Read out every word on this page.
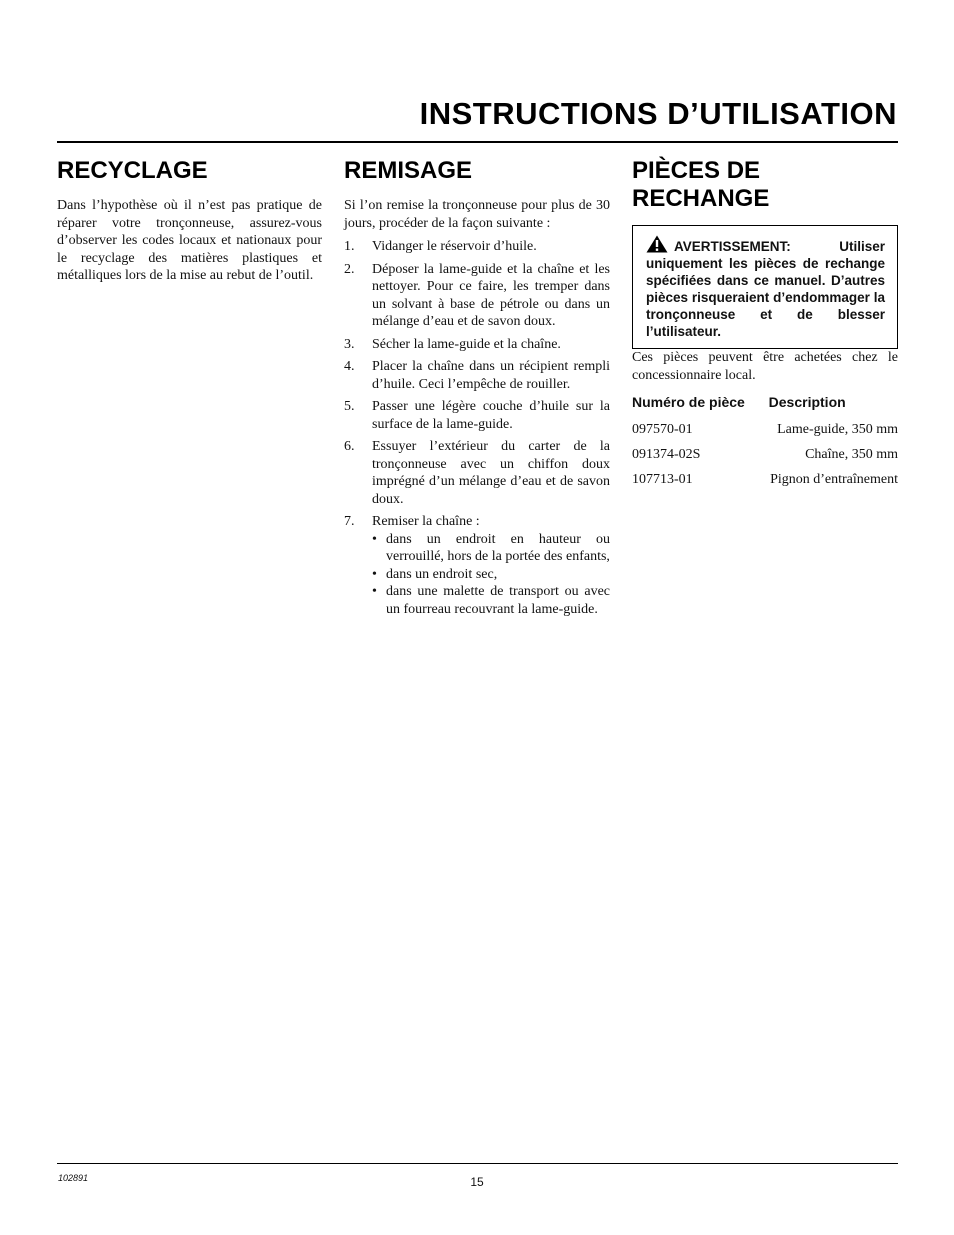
INSTRUCTIONS D’UTILISATION
RECYCLAGE

Dans l’hypothèse où il n’est pas pratique de réparer votre tronçonneuse, assurez-vous d’observer les codes locaux et nationaux pour le recyclage des matières plastiques et métalliques lors de la mise au rebut de l’outil.

REMISAGE

Si l’on remise la tronçonneuse pour plus de 30 jours, procéder de la façon suivante :

1.	Vidanger le réservoir d’huile.
2.	Déposer la lame-guide et la chaîne et les nettoyer. Pour ce faire, les tremper dans un solvant à base de pétrole ou dans un mélange d’eau et de savon doux.
3.	Sécher la lame-guide et la chaîne.
4.	Placer la chaîne dans un récipient rempli d’huile. Ceci l’empêche de rouiller.
5.	Passer une légère couche d’huile sur la surface de la lame-guide.
6.	Essuyer l’extérieur du carter de la tronçonneuse avec un chiffon doux imprégné d’un mélange d’eau et de savon doux.
7.	Remiser la chaîne :
• dans un endroit en hauteur ou verrouillé, hors de la portée des enfants,
• dans un endroit sec,
• dans une malette de transport ou avec un fourreau recouvrant la lame-guide.
PIÈCES DE
RECHANGE
AVERTISSEMENT: Utiliser uniquement les pièces de rechange spécifiées dans ce manuel. D’autres pièces risqueraient d’endommager la tronçonneuse et de blesser l’utilisateur.

Ces pièces peuvent être achetées chez le concessionnaire local.

Numéro de pièce	Description
097570-01	Lame-guide, 350 mm
091374-02S	Chaîne, 350 mm
107713-01	Pignon d’entraînement
102891	15
